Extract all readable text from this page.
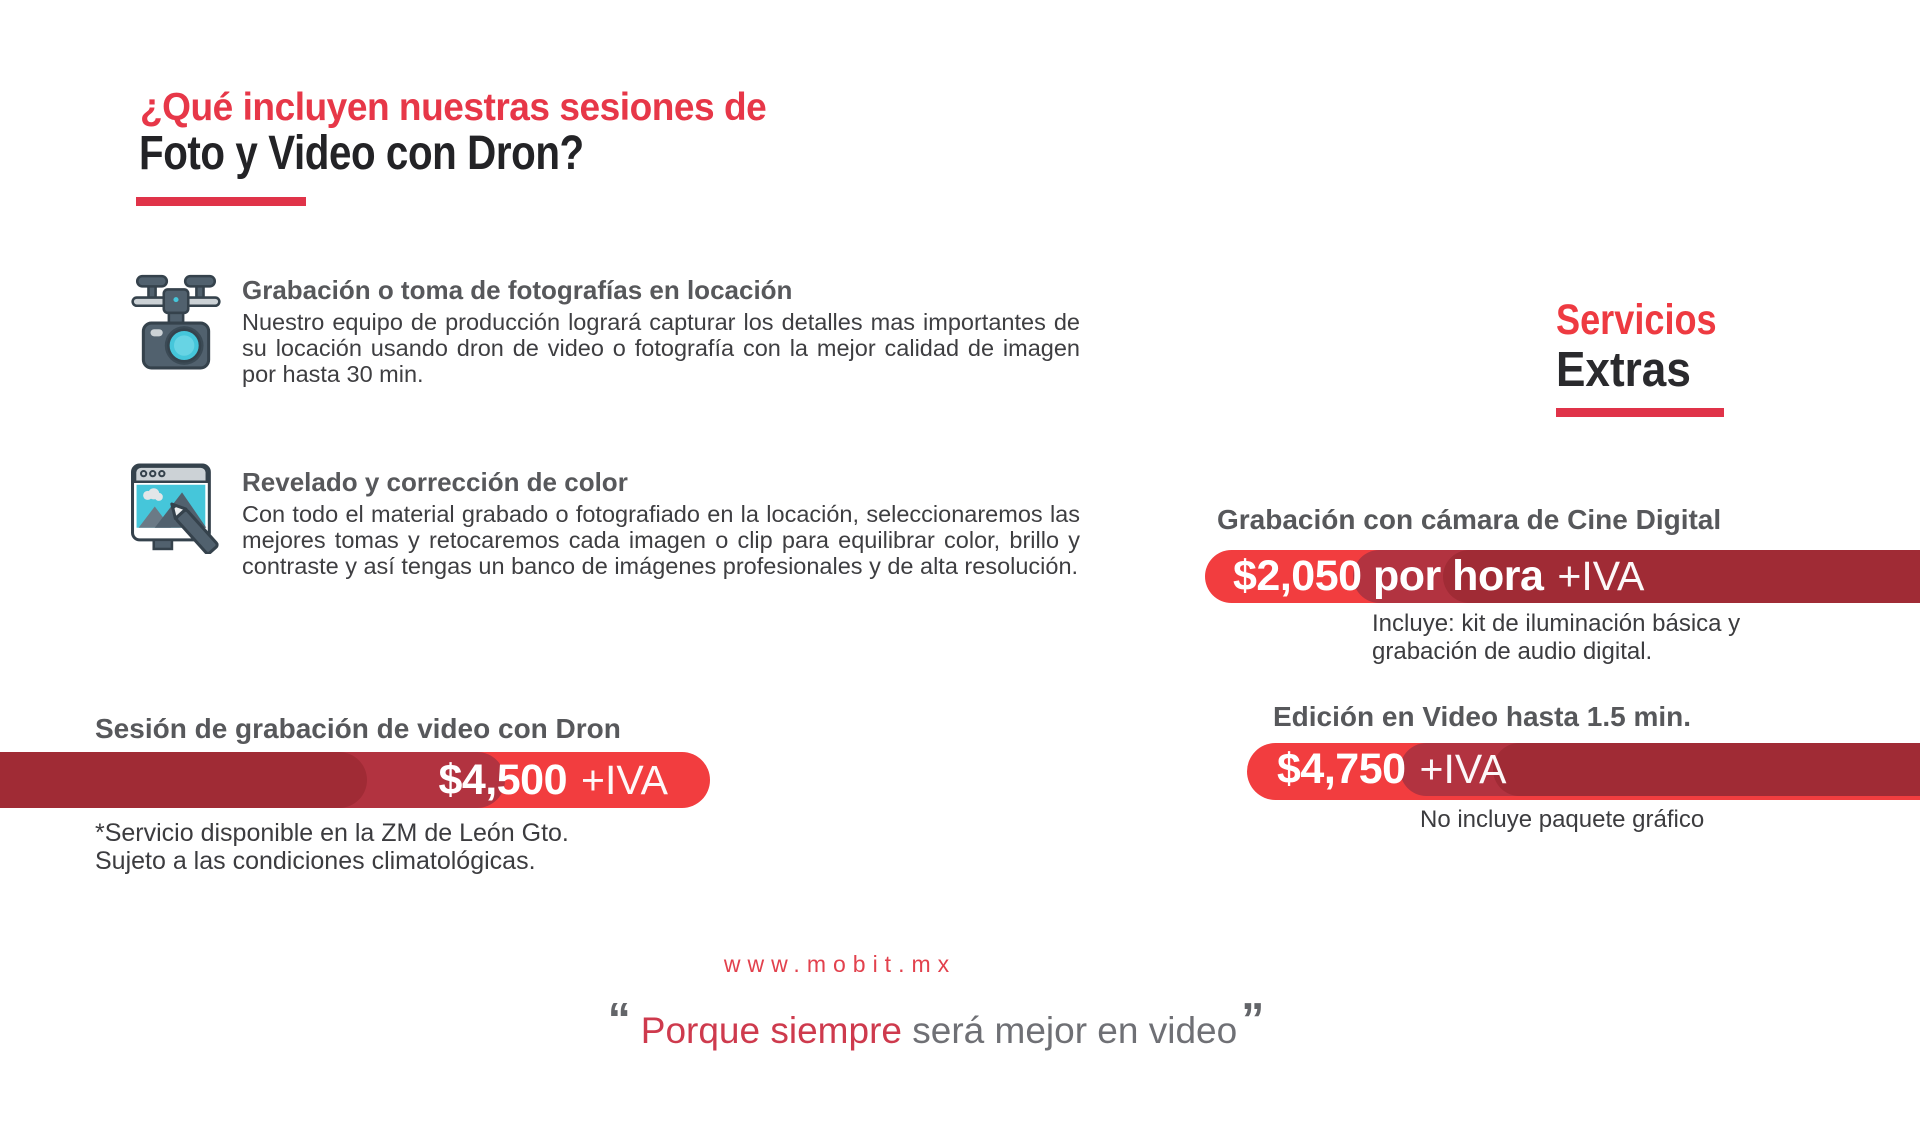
¿Qué incluyen nuestras sesiones de
Foto y Video con Dron?
Grabación o toma de fotografías en locación
Nuestro equipo de producción logrará capturar los detalles mas importantes de su locación usando dron de video o fotografía con la mejor calidad de imagen por hasta 30 min.
Revelado y corrección de color
Con todo el material grabado o fotografiado en la locación, seleccionaremos las mejores tomas y retocaremos cada imagen o clip para equilibrar color, brillo y contraste y así tengas un banco de imágenes profesionales y de alta resolución.
Sesión de grabación de video con Dron
$4,500 +IVA
*Servicio disponible en la ZM de León Gto.
Sujeto a las condiciones climatológicas.
Servicios
Extras
Grabación con cámara de Cine Digital
$2,050 por hora +IVA
Incluye: kit de iluminación básica y
grabación de audio digital.
Edición en Video hasta 1.5 min.
$4,750 +IVA
No incluye paquete gráfico
www.mobit.mx
“ Porque siempre será mejor en video”
